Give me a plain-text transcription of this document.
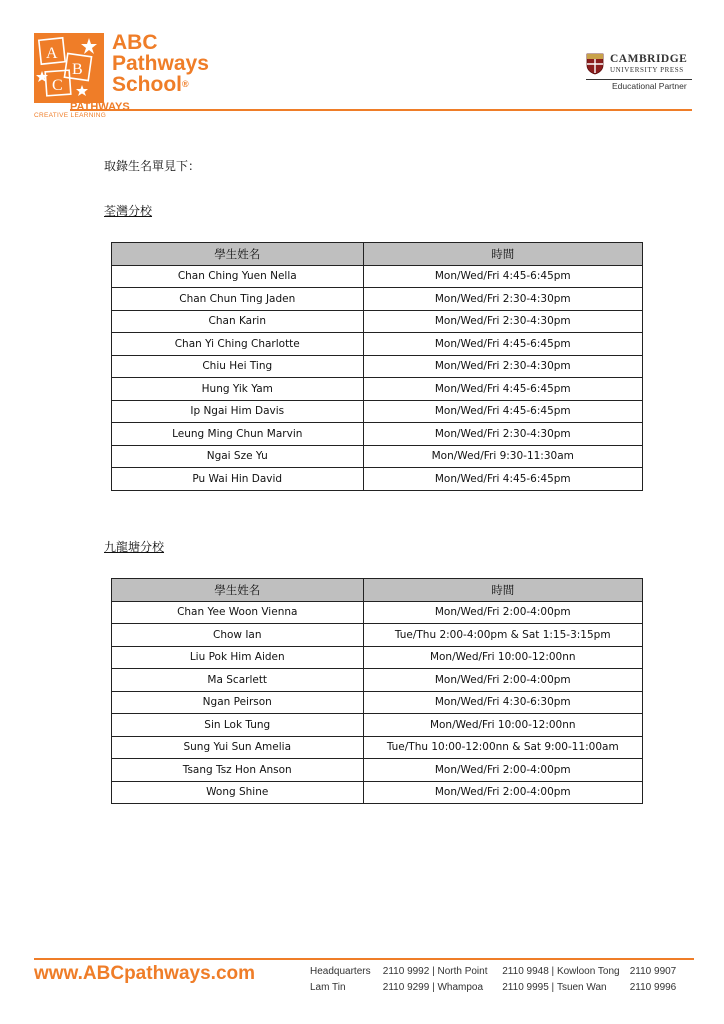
A
B
C
ABC
Pathways
School®
PATHWAYS
CREATIVE LEARNING
CAMBRIDGE
UNIVERSITY PRESS
Educational Partner
取錄生名單見下：
荃灣分校
學生姓名	時間
Chan Ching Yuen Nella	Mon/Wed/Fri 4:45-6:45pm
Chan Chun Ting Jaden	Mon/Wed/Fri 2:30-4:30pm
Chan Karin	Mon/Wed/Fri 2:30-4:30pm
Chan Yi Ching Charlotte	Mon/Wed/Fri 4:45-6:45pm
Chiu Hei Ting	Mon/Wed/Fri 2:30-4:30pm
Hung Yik Yam	Mon/Wed/Fri 4:45-6:45pm
Ip Ngai Him Davis	Mon/Wed/Fri 4:45-6:45pm
Leung Ming Chun Marvin	Mon/Wed/Fri 2:30-4:30pm
Ngai Sze Yu	Mon/Wed/Fri 9:30-11:30am
Pu Wai Hin David	Mon/Wed/Fri 4:45-6:45pm
九龍塘分校
學生姓名	時間
Chan Yee Woon Vienna	Mon/Wed/Fri 2:00-4:00pm
Chow Ian	Tue/Thu 2:00-4:00pm & Sat 1:15-3:15pm
Liu Pok Him Aiden	Mon/Wed/Fri 10:00-12:00nn
Ma Scarlett	Mon/Wed/Fri 2:00-4:00pm
Ngan Peirson	Mon/Wed/Fri 4:30-6:30pm
Sin Lok Tung	Mon/Wed/Fri 10:00-12:00nn
Sung Yui Sun Amelia	Tue/Thu 10:00-12:00nn & Sat 9:00-11:00am
Tsang Tsz Hon Anson	Mon/Wed/Fri 2:00-4:00pm
Wong Shine	Mon/Wed/Fri 2:00-4:00pm
www.ABCpathways.com	Headquarters 2110 9992 | North Point 2110 9948 | Kowloon Tong 2110 9907
Lam Tin	2110 9299 | Whampoa 2110 9995 | Tsuen Wan 2110 9996
